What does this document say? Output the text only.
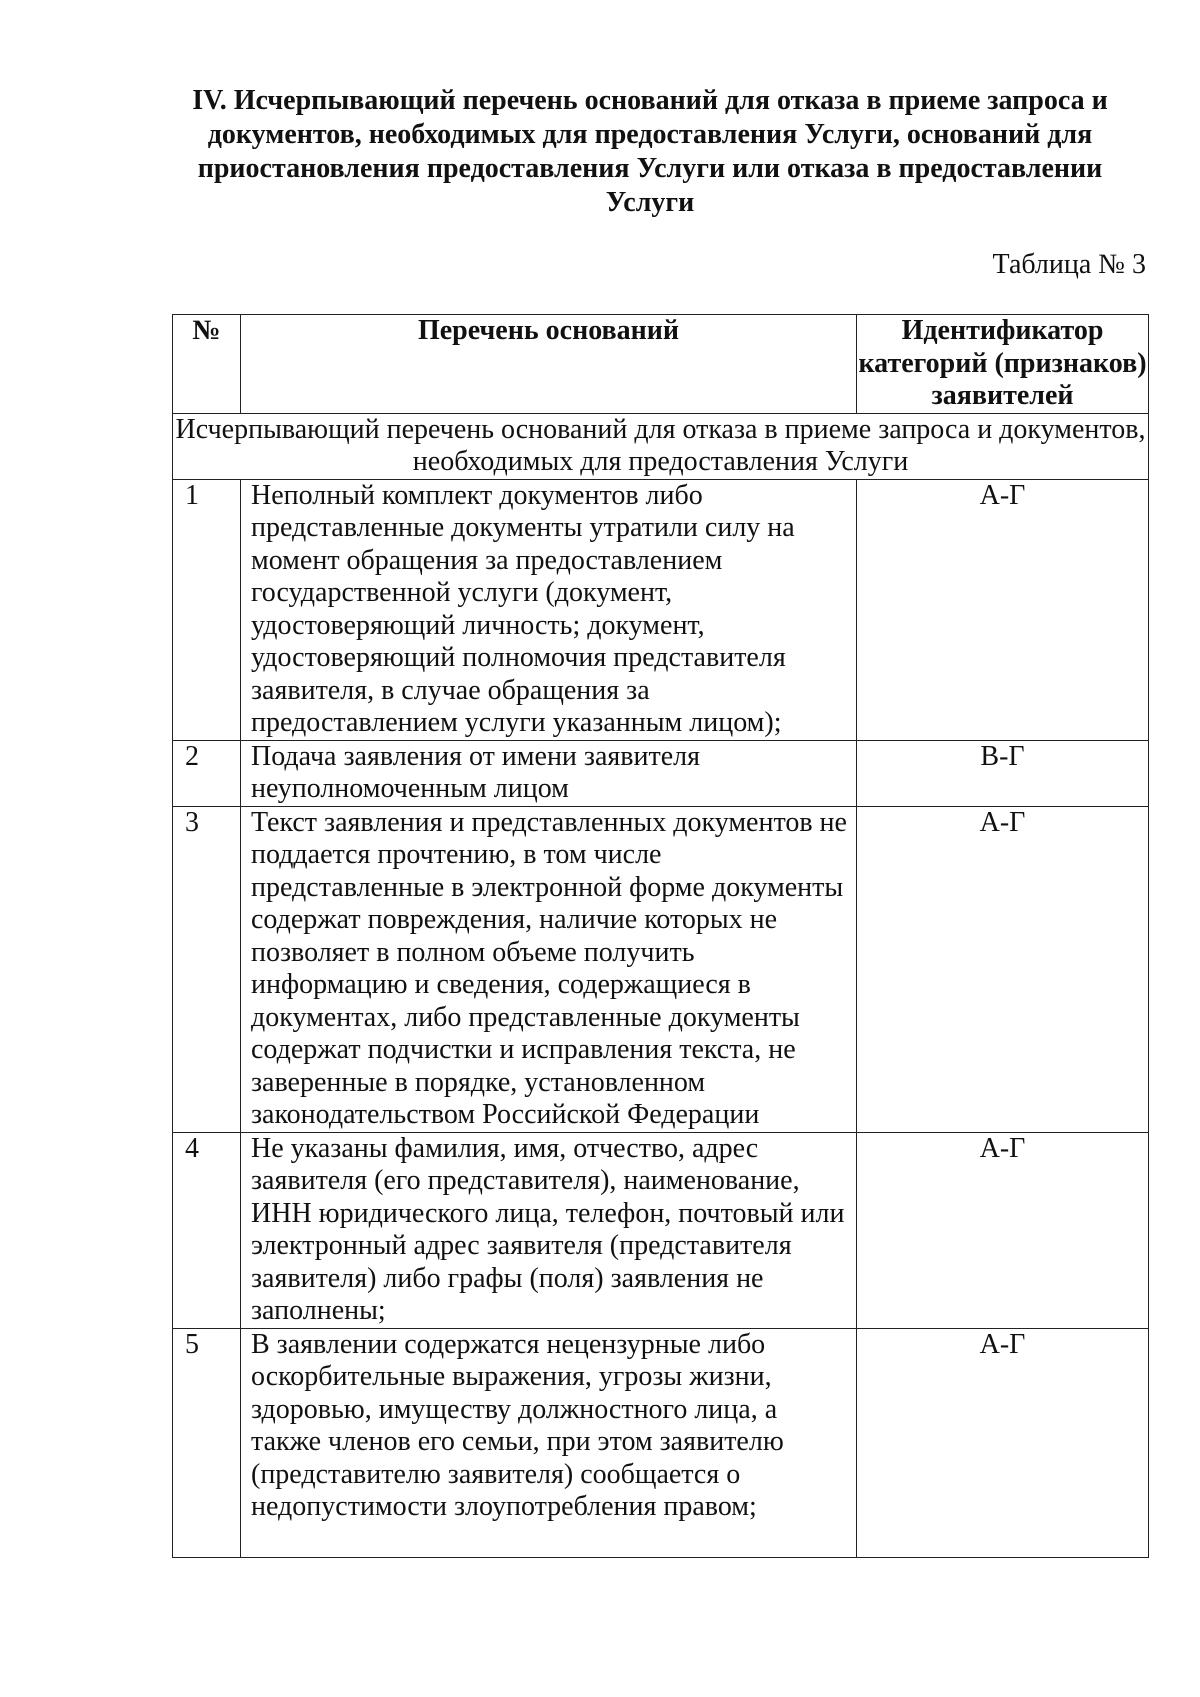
IV. Исчерпывающий перечень оснований для отказа в приеме запроса и документов, необходимых для предоставления Услуги, оснований для приостановления предоставления Услуги или отказа в предоставлении Услуги
Таблица № 3
№	Перечень оснований	Идентификатор категорий (признаков) заявителей
Исчерпывающий перечень оснований для отказа в приеме запроса и документов, необходимых для предоставления Услуги		
1	Неполный комплект документов либо представленные документы утратили силу на момент обращения за предоставлением государственной услуги (документ, удостоверяющий личность; документ, удостоверяющий полномочия представителя заявителя, в случае обращения за предоставлением услуги указанным лицом);	А-Г
2	Подача заявления от имени заявителя неуполномоченным лицом	В-Г
3	Текст заявления и представленных документов не поддается прочтению, в том числе представленные в электронной форме документы содержат повреждения, наличие которых не позволяет в полном объеме получить информацию и сведения, содержащиеся в документах, либо представленные документы содержат подчистки и исправления текста, не заверенные в порядке, установленном законодательством Российской Федерации	А-Г
4	Не указаны фамилия, имя, отчество, адрес заявителя (его представителя), наименование, ИНН юридического лица, телефон, почтовый или электронный адрес заявителя (представителя заявителя) либо графы (поля) заявления не заполнены;	А-Г
5	В заявлении содержатся нецензурные либо оскорбительные выражения, угрозы жизни, здоровью, имуществу должностного лица, а также членов его семьи, при этом заявителю (представителю заявителя) сообщается о недопустимости злоупотребления правом;	А-Г
